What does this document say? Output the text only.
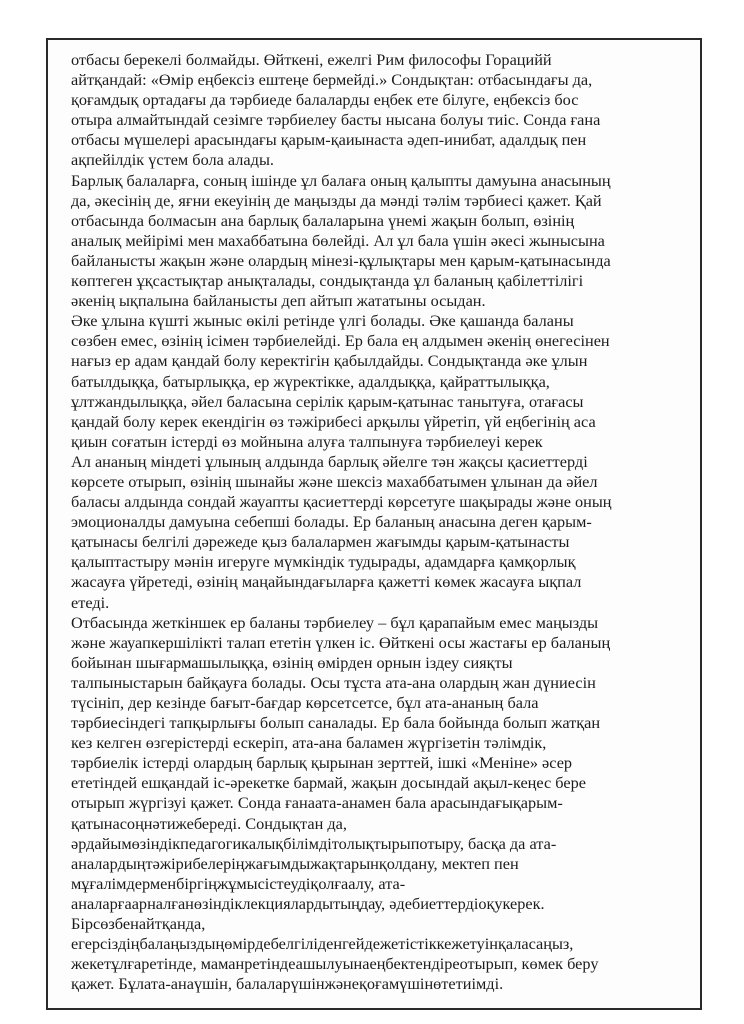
отбасы берекелі болмайды. Өйткені, ежелгі Рим философы Горацийй
айтқандай: «Өмір еңбексіз ештеңе бермейді.» Сондықтан: отбасындағы да,
қоғамдық ортадағы да тәрбиеде балаларды еңбек ете білуге, еңбексіз бос
отыра алмайтындай сезімге тәрбиелеу басты нысана болуы тиіс. Сонда ғана
отбасы мүшелері арасындағы қарым-қаиынаста әдеп-инибат, адалдық пен
ақпейілдік үстем бола алады.
Барлық балаларға, соның ішінде ұл балаға оның қалыпты дамуына анасының
да, әкесінің де, яғни екеуінің де маңызды да мәнді тәлім тәрбиесі қажет. Қай
отбасында болмасын ана барлық балаларына үнемі жақын болып, өзінің
аналық мейірімі мен махаббатына бөлейді. Ал ұл бала үшін әкесі жынысына
байланысты жақын және олардың мінезі-құлықтары мен қарым-қатынасында
көптеген ұқсастықтар анықталады, сондықтанда ұл баланың қабілеттілігі
әкенің ықпалына байланысты деп айтып жататыны осыдан.
Әке ұлына күшті жыныс өкілі ретінде үлгі болады. Әке қашанда баланы
сөзбен емес, өзінің ісімен тәрбиелейді. Ер бала ең алдымен әкенің өнегесінен
нағыз ер адам қандай болу керектігін қабылдайды. Сондықтанда әке ұлын
батылдыққа, батырлыққа, ер жүректікке, адалдыққа, қайраттылыққа,
ұлтжандылыққа, әйел баласына серілік қарым-қатынас танытуға, отағасы
қандай болу керек екендігін өз тәжірибесі арқылы үйретіп, үй еңбегінің аса
қиын соғатын істерді өз мойнына алуға талпынуға тәрбиелеуі керек
Ал ананың міндеті ұлының алдында барлық әйелге тән жақсы қасиеттерді
көрсете отырып, өзінің шынайы және шексіз махаббатымен ұлынан да әйел
баласы алдында сондай жауапты қасиеттерді көрсетуге шақырады және оның
эмоционалды дамуына себепші болады. Ер баланың анасына деген қарым-
қатынасы белгілі дәрежеде қыз балалармен жағымды қарым-қатынасты
қалыптастыру мәнін игеруге мүмкіндік тудырады, адамдарға қамқорлық
жасауға үйретеді, өзінің маңайындағыларға қажетті көмек жасауға ықпал
етеді.
Отбасында жеткіншек ер баланы тәрбиелеу – бұл қарапайым емес маңызды
және жауапкершілікті талап ететін үлкен іс. Өйткені осы жастағы ер баланың
бойынан шығармашылыққа, өзінің өмірден орнын іздеу сияқты
талпыныстарын байқауға болады. Осы тұста ата-ана олардың жан дүниесін
түсініп, дер кезінде бағыт-бағдар көрсетсетсе, бұл ата-ананың бала
тәрбиесіндегі тапқырлығы болып саналады. Ер бала бойында болып жатқан
кез келген өзгерістерді ескеріп, ата-ана баламен жүргізетін тәлімдік,
тәрбиелік істерді олардың барлық қырынан зерттей, ішкі «Менiне» әсер
ететіндей ешқандай іс-әрекетке бармай, жақын досындай ақыл-кеңес бере
отырып жүргізуі қажет. Сонда ғанаата-анамен бала арасындағықарым-
қатынасоңнәтижебереді. Сондықтан да,
әрдайымөзіндікпедагогикалықбілімдітолықтырыпотыру, басқа да ата-
аналардыңтәжірибелеріңжағымдыжақтарынқолдану, мектеп пен
мұғалімдерменбіргіңжұмысістеудіқолғаалу, ата-
аналарғаарналғанөзіндіклекциялардытыңдау, әдебиеттердіоқукерек.
Бірсөзбенайтқанда,
егерсіздіңбалаңыздыңөмірдебелгіліденгейдежетістіккежетуінқаласаңыз,
жекетұлғаретінде, маманретіндеашылуынаеңбектендіреотырып, көмек беру
қажет. Бұлата-анаүшін, балаларүшінжәнеқоғамүшінөтетиімді.
